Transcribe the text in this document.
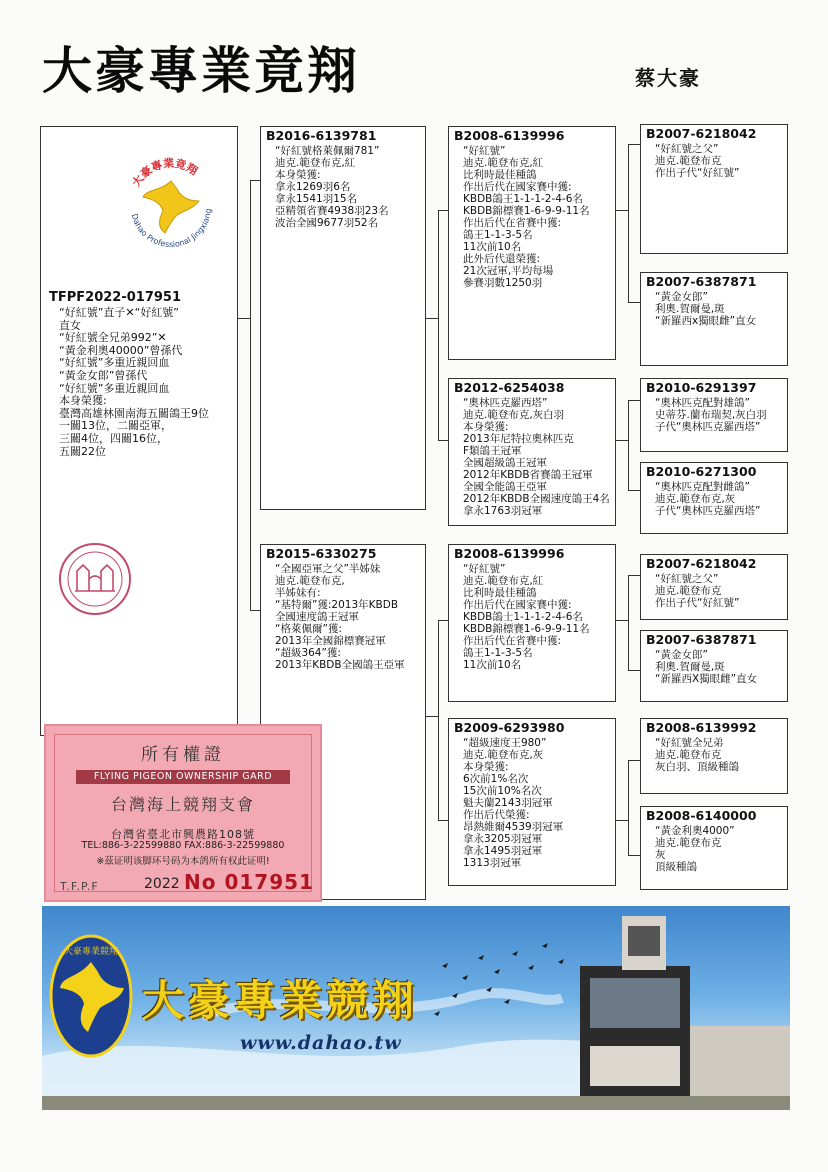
大豪專業竟翔	蔡大豪
大豪專業竟翔
Dahao Professional Jingxiang
TFPF2022-017951
“好紅號”直子✕“好紅號”
直女
“好紅號全兄弟992”✕
“黃金利奧40000”曾孫代
“好紅號”多重近親回血
“黃金女郎”曾孫代
“好紅號”多重近親回血
本身榮獲:
臺灣高雄林園南海五關鴿王9位
一關13位，二關亞軍，
三關4位，四關16位，
五關22位
B2016-6139781
“好紅號格萊佩爾781”
迪克.範登布克,紅
本身榮獲:
拿永1269羽6名
拿永1541羽15名
亞精領省賽4938羽23名
波治全國9677羽52名
B2015-6330275
“全國亞軍之父”半姊妹
迪克.範登布克,
半姊妹有:
“基特爾”獲:2013年KBDB
全國速度鴿王冠軍
“格萊佩爾”獲:
2013年全國錦標賽冠軍
“超級364”獲:
2013年KBDB全國鴿王亞軍
B2008-6139996
“好紅號”
迪克.範登布克,紅
比利時最佳種鴿
作出后代在國家賽中獲:
KBDB鴿王1-1-1-2-4-6名
KBDB錦標賽1-6-9-9-11名
作出后代在省賽中獲:
鴿王1-1-3-5名
11次前10名
此外后代還榮獲:
21次冠軍,平均每場
參賽羽數1250羽
B2012-6254038
“奧林匹克羅西塔”
迪克.範登布克,灰白羽
本身榮獲:
2013年尼特拉奧林匹克
F類鴿王冠軍
全國超級鴿王冠軍
2012年KBDB省賽鴿王冠軍
全國全能鴿王亞軍
2012年KBDB全國速度鴿王4名
拿永1763羽冠軍
B2008-6139996
“好紅號”
迪克.範登布克,紅
比利時最佳種鴿
作出后代在國家賽中獲:
KBDB鴿士1-1-1-2-4-6名
KBDB錦標賽1-6-9-9-11名
作出后代在省賽中獲:
鴿王1-1-3-5名
11次前10名
B2009-6293980
“超級速度王980”
迪克.範登布克,灰
本身榮獲:
6次前1%名次
15次前10%名次
魁夫蘭2143羽冠軍
作出后代榮獲:
昂熱維爾4539羽冠軍
拿永3205羽冠軍
拿永1495羽冠軍
1313羽冠軍
B2007-6218042
“好紅號之父”
迪克.範登布克
作出子代“好紅號”
B2007-6387871
“黃金女郎”
利奧.賀爾曼,斑
“新羅西x獨眼雌”直女
B2010-6291397
“奧林匹克配對雄鴿”
史蒂芬.蘭布瑞契,灰白羽
子代“奧林匹克羅西塔”
B2010-6271300
“奧林匹克配對雌鴿”
迪克.範登布克,灰
子代“奧林匹克羅西塔”
B2007-6218042
“好紅號之父”
迪克.範登布克
作出子代“好紅號”
B2007-6387871
“黃金女郎”
利奧.賀爾曼,斑
“新羅西X獨眼雌”直女
B2008-6139992
“好紅號全兄弟
迪克.範登布克
灰白羽、頂級種鴿
B2008-6140000
“黃金利奧4000”
迪克.範登布克
灰
頂級種鴿
所有權證
FLYING PIGEON OWNERSHIP GARD
台灣海上競翔支會
台灣省臺北市興農路108號
TEL:886-3-22599880 FAX:886-3-22599880
※茲证明该脚环号码为本鸽所有权此证明!
T.F.P.F	2022 No 017951
大豪專業競翔
大豪專業競翔
www.dahao.tw
